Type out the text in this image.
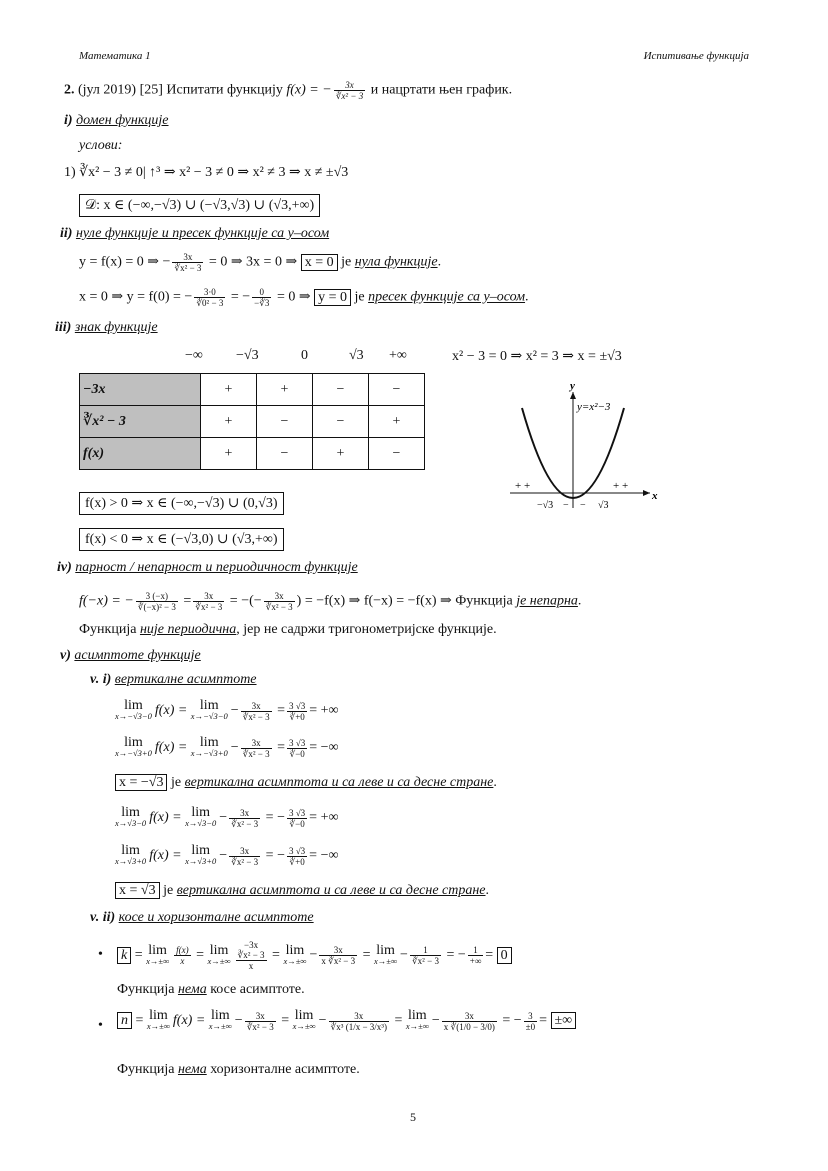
Математика 1	Испитивање функција
2. (јул 2019) [25] Испитати функцију f(x) = − $\frac{3x}{\text{∛x² − 3}}$ и нацртати њен график.
i) домен функције
услови:
1) ∛x² − 3 ≠ 0| ↑³ ⇒ x² − 3 ≠ 0 ⇒ x² ≠ 3 ⇒ x ≠ ±√3
𝒟: x ∈ (−∞,−√3) ∪ (−√3,√3) ∪ (√3,+∞)
ii) нуле функције и пресек функције са y–осом
y = f(x) = 0 ⇒ − $\frac{3x}{\text{∛x² − 3}} = 0$ ⇒ 3x = 0 ⇒ x = 0 је нула функције.
x = 0 ⇒ y = f(0) = − $\frac{3\cdot 0}{\text{∛0² − 3}}$ = − $\frac{0}{-∛3} = 0$ ⇒ y = 0 је пресек функције са y–осом.
iii) знак функције
−∞ −√3	0	√3 +∞	x² − 3 = 0 ⇒ x² = 3 ⇒ x = ±√3
−3x	+	+	−	−
∛x² − 3	+	−	−	+
f(x)	+	−	+	−
y
x
y=x²−3
+ +	+ +
−√3 − − √3
f(x) > 0 ⇒ x ∈ (−∞,−√3) ∪ (0,√3)
f(x) < 0 ⇒ x ∈ (−√3,0) ∪ (√3,+∞)
iv) парност / непарност и периодичност функције
f(−x) = − $\frac{3 (-x)}{\text{∛(−x)² − 3}} = \frac{3x}{\text{∛x² − 3}}$ = −(− $\frac{3x}{\text{∛x² − 3}}$ ) = −f(x) ⇒ f(−x) = −f(x) ⇒ Функција је непарна.
Функција није периодична, јер не садржи тригонометријске функције.
v) асимптоте функције
v. i) вертикалне асимптоте
lim
x→−√3−0 f(x) = lim
$x\to-√3-0 - \frac{3x}{\text{∛x² − 3}} = \frac{3 √3}{∛+0}$ = +∞
lim
x→−√3+0 f(x) = lim
$x\to-√3+0 - \frac{3x}{\text{∛x² − 3}} = \frac{3 √3}{∛-0}$ = −∞
x = −√3 је вертикална асимптота и са леве и са десне стране.
lim
x→√3−0 f(x) = lim
$x\to√3-0 - \frac{3x}{\text{∛x² − 3}}$ = − $\frac{3 √3}{∛-0}$ = +∞
lim
x→√3+0 f(x) = lim
$x\to√3+0 - \frac{3x}{\text{∛x² − 3}}$ = − $\frac{3 √3}{∛+0}$ = −∞
x = √3 је вертикална асимптота и са леве и са десне стране.
v. ii) косе и хоризонталне асимптоте
• k = lim
$x\to\pm\infty \frac{f(x)}{x} = \lim$
x→±∞
−3x
∛x² − 3
x
= lim
$x\to\pm\infty - \frac{3x}{\text{x ∛x² − 3}} = \lim$
$x\to\pm\infty - \frac{1}{\text{∛x² − 3}}$ = − $\frac{1}{+\infty} = 0$
Функција нема косе асимптоте.
• n = lim
x→±∞ f(x) = lim
$x\to\pm\infty - \frac{3x}{\text{∛x² − 3}} = \lim$
$x\to\pm\infty - \frac{3x}{\text{∛x³ (1/x − 3/x³)}} = \lim$
$x\to\pm\infty - \frac{3x}{x ∛(1/0 - 3/0)}$ = − $\frac{3}{\pm 0}$ = ±∞
Функција нема хоризонталне асимптоте.
5
